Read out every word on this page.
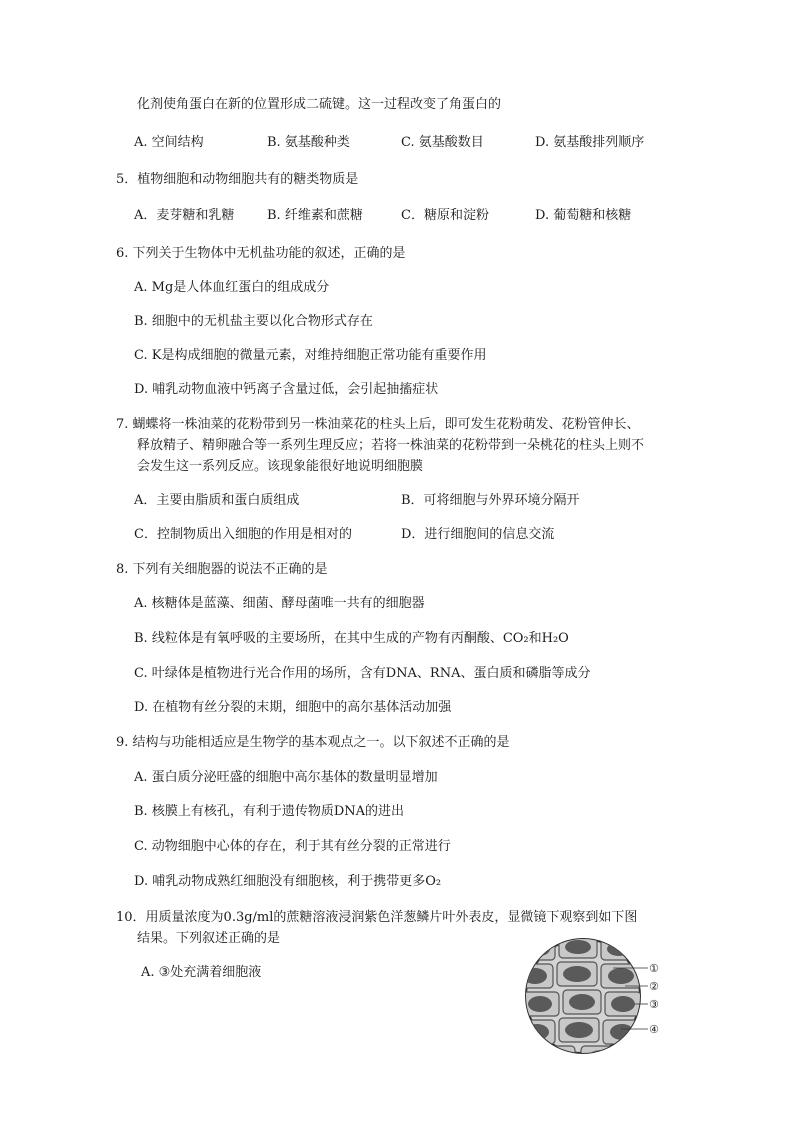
化剂使角蛋白在新的位置形成二硫键。这一过程改变了角蛋白的
A. 空间结构	B. 氨基酸种类	C. 氨基酸数目	D. 氨基酸排列顺序
5．植物细胞和动物细胞共有的糖类物质是
A．麦芽糖和乳糖	B. 纤维素和蔗糖	C．糖原和淀粉	D. 葡萄糖和核糖
6. 下列关于生物体中无机盐功能的叙述，正确的是
A. Mg是人体血红蛋白的组成成分
B. 细胞中的无机盐主要以化合物形式存在
C. K是构成细胞的微量元素，对维持细胞正常功能有重要作用
D. 哺乳动物血液中钙离子含量过低，会引起抽搐症状
7. 蝴蝶将一株油菜的花粉带到另一株油菜花的柱头上后，即可发生花粉萌发、花粉管伸长、
释放精子、精卵融合等一系列生理反应；若将一株油菜的花粉带到一朵桃花的柱头上则不
会发生这一系列反应。该现象能很好地说明细胞膜
A．主要由脂质和蛋白质组成	B．可将细胞与外界环境分隔开
C．控制物质出入细胞的作用是相对的	D．进行细胞间的信息交流
8. 下列有关细胞器的说法不正确的是
A. 核糖体是蓝藻、细菌、酵母菌唯一共有的细胞器
B. 线粒体是有氧呼吸的主要场所，在其中生成的产物有丙酮酸、CO₂和H₂O
C. 叶绿体是植物进行光合作用的场所，含有DNA、RNA、蛋白质和磷脂等成分
D. 在植物有丝分裂的末期，细胞中的高尔基体活动加强
9. 结构与功能相适应是生物学的基本观点之一。以下叙述不正确的是
A. 蛋白质分泌旺盛的细胞中高尔基体的数量明显增加
B. 核膜上有核孔，有利于遗传物质DNA的进出
C. 动物细胞中心体的存在，利于其有丝分裂的正常进行
D. 哺乳动物成熟红细胞没有细胞核，利于携带更多O₂
10．用质量浓度为0.3g/ml的蔗糖溶液浸润紫色洋葱鳞片叶外表皮，显微镜下观察到如下图
结果。下列叙述正确的是
A. ③处充满着细胞液	①
②
③
④
